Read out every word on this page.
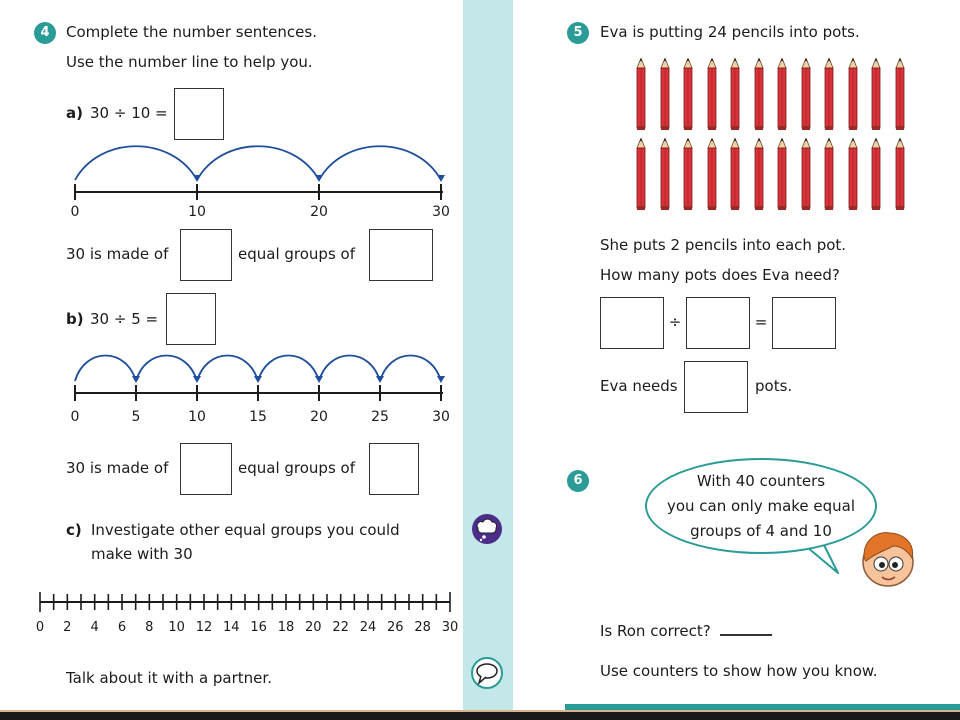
4	Complete the number sentences.
Use the number line to help you.
a) 30 ÷ 10 =
0	10	20	30
30 is made of	equal groups of
b) 30 ÷ 5 =
0	5	10	15	20	25	30
30 is made of	equal groups of
c) Investigate other equal groups you could
make with 30
0	2	4	6	8	10 12 14 16 18 20 22 24 26 28 30
Talk about it with a partner.
5	Eva is putting 24 pencils into pots.
She puts 2 pencils into each pot.
How many pots does Eva need?
÷	=
Eva needs	pots.
6	With 40 counters
you can only make equal
groups of 4 and 10
Is Ron correct?
Use counters to show how you know.
